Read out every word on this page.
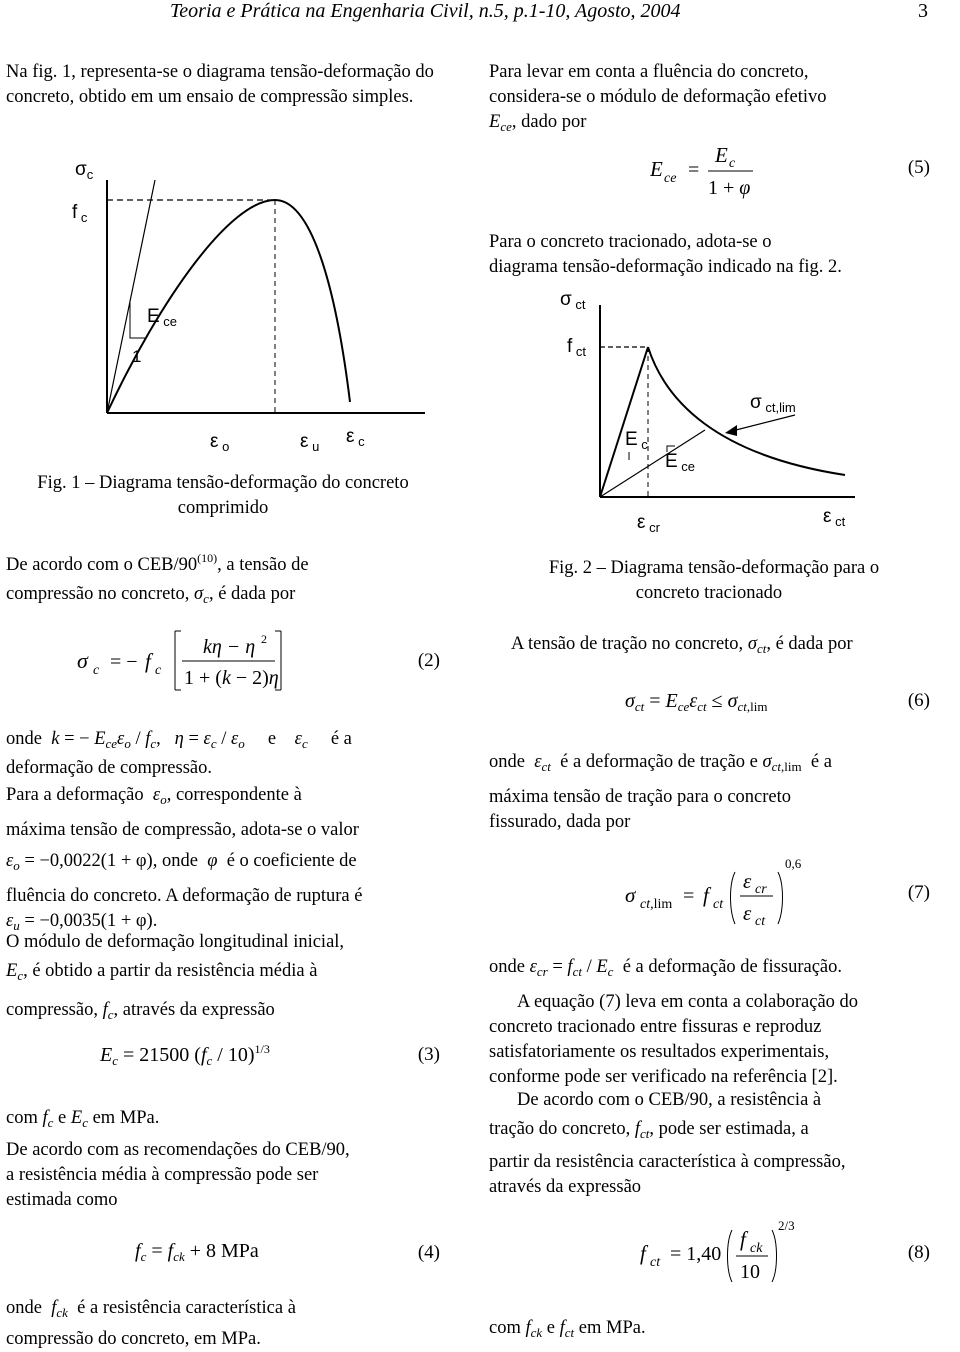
Teoria e Prática na Engenharia Civil, n.5, p.1-10, Agosto, 2004	3

Na fig. 1, representa-se o diagrama tensão-deformação do concreto, obtido em um ensaio de compressão simples.

$\sigma_c$
f $_c$
E $_{ce}$
1
ε $_o$	ε $_u$ ε $_c$
Fig. 1 – Diagrama tensão-deformação do concreto
comprimido

De acordo com o CEB/90$^{(10)}$, a tensão de

compressão no concreto, $\sigma_c$, é dada por

σ c = − f c
kη − η 2
1 + (k − 2)η
(2)

onde k = − $E_{ce}\varepsilon_o / f_c$,   $\eta = \varepsilon_c / \varepsilon_o$ e $\varepsilon_c$ é a

deformação de compressão.

Para a deformação $\varepsilon_o$, correspondente à

máxima tensão de compressão, adota-se o valor

$\varepsilon_o = -0,0022(1 + \varphi)$, onde φ é o coeficiente de

fluência do concreto. A deformação de ruptura é

$\varepsilon_u = -0,0035(1 + \varphi)$.

O módulo de deformação longitudinal inicial,

$E_c$, é obtido a partir da resistência média à

compressão, $f_c$, através da expressão

$E_c = 21500$ $(f_c / 10)^{1/3}$	(3)

com $f_c$ e $E_c$ em MPa.

De acordo com as recomendações do CEB/90,

a resistência média à compressão pode ser

estimada como

$f_c = f_{ck} + 8$ MPa	(4)

onde $f_{ck}$ é a resistência característica à

compressão do concreto, em MPa.

Para levar em conta a fluência do concreto,

considera-se o módulo de deformação efetivo

$E_{ce}$, dado por

E ce =
E c
1 + φ
(5)

Para o concreto tracionado, adota-se o

diagrama tensão-deformação indicado na fig. 2.

σ $_{ct}$
f $_{ct}$
σ $_{ct,lim}$
E $_c$
E $_{ce}$
ε $_{cr}$
ε $_{ct}$
Fig. 2 – Diagrama tensão-deformação para o
concreto tracionado

A tensão de tração no concreto, $\sigma_{ct}$, é dada por

$\sigma_{ct} = E_{ce}\varepsilon_{ct} \le \sigma_{ct,lim}$	(6)

onde $\varepsilon_{ct}$ é a deformação de tração e $\sigma_{ct,lim}$ é a

máxima tensão de tração para o concreto

fissurado, dada por

σ ct,lim = f ct
ε cr
ε ct
0,6
(7)

onde $\varepsilon_{cr} = f_{ct} / E_c$ é a deformação de fissuração.

A equação (7) leva em conta a colaboração do

concreto tracionado entre fissuras e reproduz

satisfatoriamente os resultados experimentais,

conforme pode ser verificado na referência [2].

De acordo com o CEB/90, a resistência à

tração do concreto, $f_{ct}$, pode ser estimada, a

partir da resistência característica à compressão,

através da expressão

f ct = 1,40
f ck
10
2/3
(8)

com $f_{ck}$ e $f_{ct}$ em MPa.
